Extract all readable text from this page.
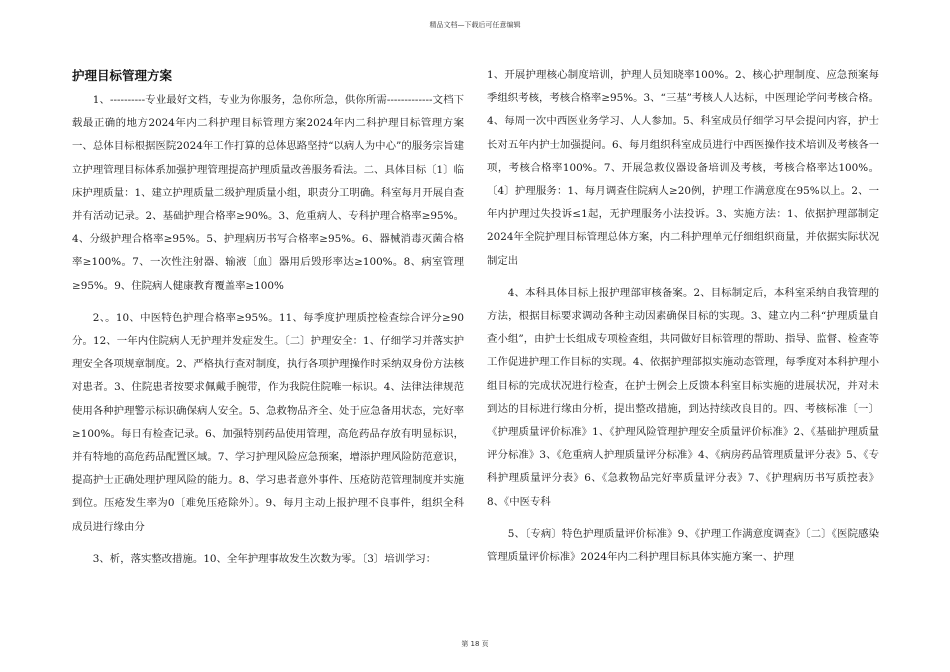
精品文档—下载后可任意编辑
护理目标管理方案

1、----------专业最好文档，专业为你服务，急你所急，供你所需-------------文档下载最正确的地方2024年内二科护理目标管理方案2024年内二科护理目标管理方案一、总体目标根据医院2024年工作打算的总体思路坚持“以病人为中心”的服务宗旨建立护理管理目标体系加强护理管理提高护理质量改善服务看法。二、具体目标〔1〕临床护理质量：1、建立护理质量二级护理质量小组，职责分工明确。科室每月开展自查并有活动记录。2、基础护理合格率≥90%。3、危重病人、专科护理合格率≥95%。4、分级护理合格率≥95%。5、护理病历书写合格率≥95%。6、器械消毒灭菌合格率≥100%。7、一次性注射器、输液〔血〕器用后毁形率达≥100%。8、病室管理≥95%。9、住院病人健康教育覆盖率≥100%

2、。10、中医特色护理合格率≥95%。11、每季度护理质控检查综合评分≥90分。12、一年内住院病人无护理并发症发生。〔二〕护理安全：1、仔细学习并落实护理安全各项规章制度。2、严格执行查对制度，执行各项护理操作时采纳双身份方法核对患者。3、住院患者按要求佩戴手腕带，作为我院住院唯一标识。4、法律法律规范使用各种护理警示标识确保病人安全。5、急救物品齐全、处于应急备用状态，完好率≥100%。每日有检查记录。6、加强特别药品使用管理，高危药品存放有明显标识，并有特地的高危药品配置区域。7、学习护理风险应急预案，增添护理风险防范意识，提高护士正确处理护理风险的能力。8、学习患者意外事件、压疮防范管理制度并实施到位。压疮发生率为0〔难免压疮除外〕。9、每月主动上报护理不良事件，组织全科成员进行缘由分

3、析，落实整改措施。10、全年护理事故发生次数为零。〔3〕培训学习：

1、开展护理核心制度培训，护理人员知晓率100%。2、核心护理制度、应急预案每季组织考核，考核合格率≥95%。3、“三基”考核人人达标，中医理论学问考核合格。4、每周一次中西医业务学习、人人参加。5、科室成员仔细学习早会提问内容，护士长对五年内护士加强提问。6、每月组织科室成员进行中西医操作技术培训及考核各一项，考核合格率100%。7、开展急救仪器设备培训及考核，考核合格率达100%。〔4〕护理服务：1、每月调查住院病人≥20例，护理工作满意度在95%以上。2、一年内护理过失投诉≤1起，无护理服务小法投诉。3、实施方法：1、依据护理部制定2024年全院护理目标管理总体方案，内二科护理单元仔细组织商量，并依据实际状况制定出

4、本科具体目标上报护理部审核备案。2、目标制定后，本科室采纳自我管理的方法，根据目标要求调动各种主动因素确保目标的实现。3、建立内二科“护理质量自查小组”，由护士长组成专项检查组，共同做好目标管理的帮助、指导、监督、检查等工作促进护理工作目标的实现。4、依据护理部拟实施动态管理，每季度对本科护理小组目标的完成状况进行检查，在护士例会上反馈本科室目标实施的进展状况，并对未到达的目标进行缘由分析，提出整改措施，到达持续改良目的。四、考核标准〔一〕《护理质量评价标准》1、《护理风险管理护理安全质量评价标准》2、《基础护理质量评分标准》3、《危重病人护理质量评分标准》4、《病房药品管理质量评分表》5、《专科护理质量评分表》6、《急救物品完好率质量评分表》7、《护理病历书写质控表》8、《中医专科

5、〔专病〕特色护理质量评价标准》9、《护理工作满意度调查》〔二〕《医院感染管理质量评价标准》2024年内二科护理目标具体实施方案一、护理

第 18 页
